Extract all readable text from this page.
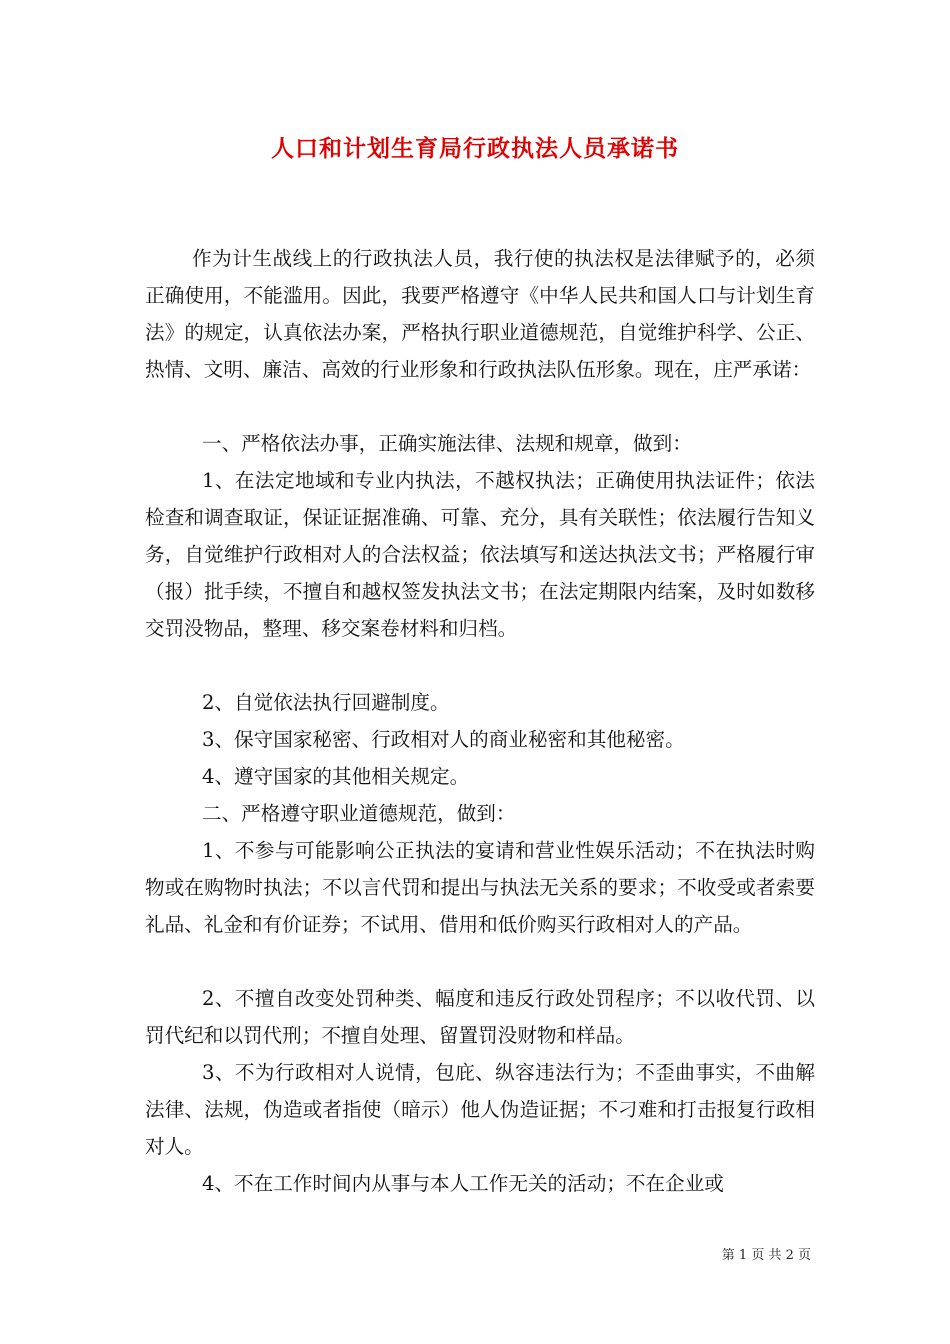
人口和计划生育局行政执法人员承诺书

作为计生战线上的行政执法人员，我行使的执法权是法律赋予的，必须正确使用，不能滥用。因此，我要严格遵守《中华人民共和国人口与计划生育法》的规定，认真依法办案，严格执行职业道德规范，自觉维护科学、公正、热情、文明、廉洁、高效的行业形象和行政执法队伍形象。现在，庄严承诺：

一、严格依法办事，正确实施法律、法规和规章，做到：

1、在法定地域和专业内执法，不越权执法；正确使用执法证件；依法检查和调查取证，保证证据准确、可靠、充分，具有关联性；依法履行告知义务，自觉维护行政相对人的合法权益；依法填写和送达执法文书；严格履行审（报）批手续，不擅自和越权签发执法文书；在法定期限内结案，及时如数移交罚没物品，整理、移交案卷材料和归档。

2、自觉依法执行回避制度。

3、保守国家秘密、行政相对人的商业秘密和其他秘密。

4、遵守国家的其他相关规定。

二、严格遵守职业道德规范，做到：

1、不参与可能影响公正执法的宴请和营业性娱乐活动；不在执法时购物或在购物时执法；不以言代罚和提出与执法无关系的要求；不收受或者索要礼品、礼金和有价证券；不试用、借用和低价购买行政相对人的产品。

2、不擅自改变处罚种类、幅度和违反行政处罚程序；不以收代罚、以罚代纪和以罚代刑；不擅自处理、留置罚没财物和样品。

3、不为行政相对人说情，包庇、纵容违法行为；不歪曲事实，不曲解法律、法规，伪造或者指使（暗示）他人伪造证据；不刁难和打击报复行政相对人。

4、不在工作时间内从事与本人工作无关的活动；不在企业或

第 1 页 共 2 页
